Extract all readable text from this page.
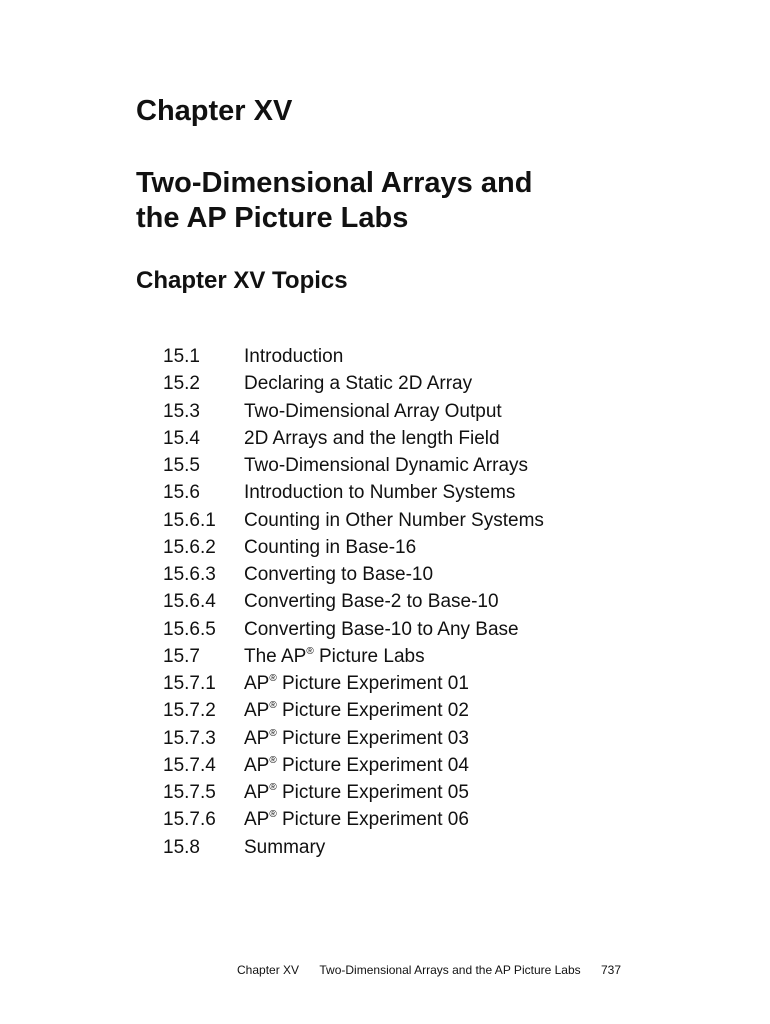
Chapter XV
Two-Dimensional Arrays and
the AP Picture Labs
Chapter XV Topics
15.1	Introduction
15.2	Declaring a Static 2D Array
15.3	Two-Dimensional Array Output
15.4	2D Arrays and the length Field
15.5	Two-Dimensional Dynamic Arrays
15.6	Introduction to Number Systems
15.6.1	Counting in Other Number Systems
15.6.2	Counting in Base-16
15.6.3	Converting to Base-10
15.6.4	Converting Base-2 to Base-10
15.6.5	Converting Base-10 to Any Base
15.7	The AP® Picture Labs
15.7.1	AP® Picture Experiment 01
15.7.2	AP® Picture Experiment 02
15.7.3	AP® Picture Experiment 03
15.7.4	AP® Picture Experiment 04
15.7.5	AP® Picture Experiment 05
15.7.6	AP® Picture Experiment 06
15.8	Summary
Chapter XV Two-Dimensional Arrays and the AP Picture Labs 737
